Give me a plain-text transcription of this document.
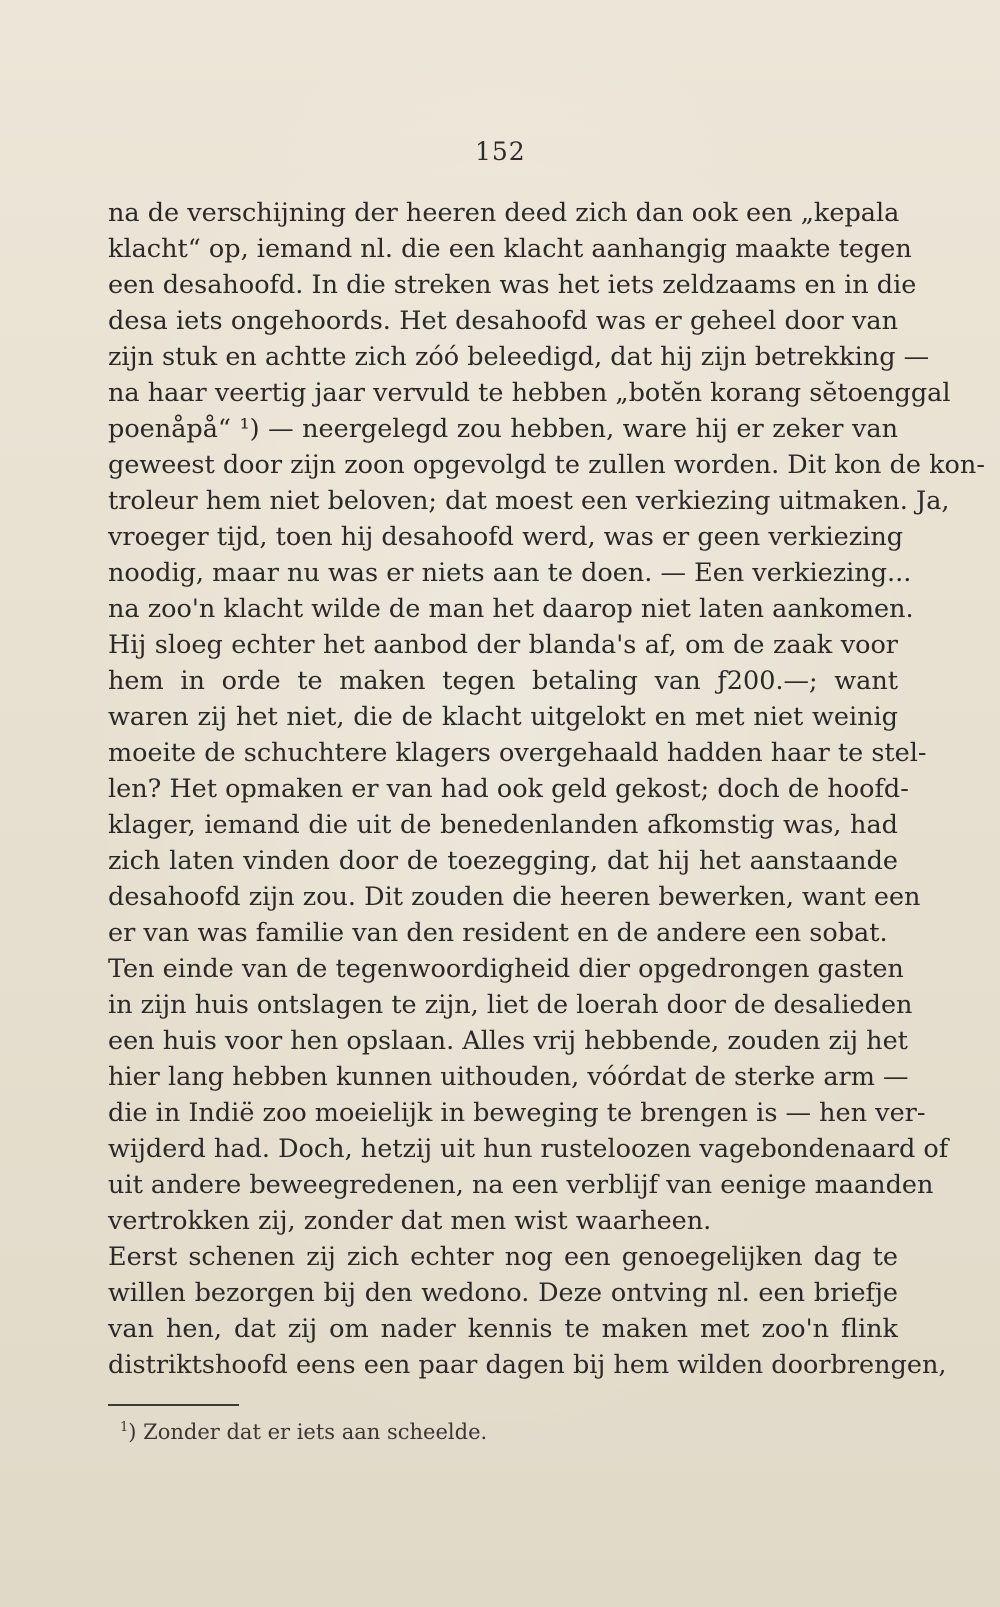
152
na de verschijning der heeren deed zich dan ook een „kepala
klacht“ op, iemand nl. die een klacht aanhangig maakte tegen
een desahoofd. In die streken was het iets zeldzaams en in die
desa iets ongehoords. Het desahoofd was er geheel door van
zijn stuk en achtte zich zóó beleedigd, dat hij zijn betrekking —
na haar veertig jaar vervuld te hebben „botĕn korang sĕtoenggal
poenåpå“ ¹) — neergelegd zou hebben, ware hij er zeker van
geweest door zijn zoon opgevolgd te zullen worden. Dit kon de kon-
troleur hem niet beloven; dat moest een verkiezing uitmaken. Ja,
vroeger tijd, toen hij desahoofd werd, was er geen verkiezing
noodig, maar nu was er niets aan te doen. — Een verkiezing...
na zoo'n klacht wilde de man het daarop niet laten aankomen.
Hij sloeg echter het aanbod der blanda's af, om de zaak voor
hem in orde te maken tegen betaling van ƒ200.—; want
waren zij het niet, die de klacht uitgelokt en met niet weinig
moeite de schuchtere klagers overgehaald hadden haar te stel-
len? Het opmaken er van had ook geld gekost; doch de hoofd-
klager, iemand die uit de benedenlanden afkomstig was, had
zich laten vinden door de toezegging, dat hij het aanstaande
desahoofd zijn zou. Dit zouden die heeren bewerken, want een
er van was familie van den resident en de andere een sobat.
Ten einde van de tegenwoordigheid dier opgedrongen gasten
in zijn huis ontslagen te zijn, liet de loerah door de desalieden
een huis voor hen opslaan. Alles vrij hebbende, zouden zij het
hier lang hebben kunnen uithouden, vóórdat de sterke arm —
die in Indië zoo moeielijk in beweging te brengen is — hen ver-
wijderd had. Doch, hetzij uit hun rusteloozen vagebondenaard of
uit andere beweegredenen, na een verblijf van eenige maanden
vertrokken zij, zonder dat men wist waarheen.
Eerst schenen zij zich echter nog een genoegelijken dag te
willen bezorgen bij den wedono. Deze ontving nl. een briefje
van hen, dat zij om nader kennis te maken met zoo'n flink
distriktshoofd eens een paar dagen bij hem wilden doorbrengen,
$^1$) Zonder dat er iets aan scheelde.
